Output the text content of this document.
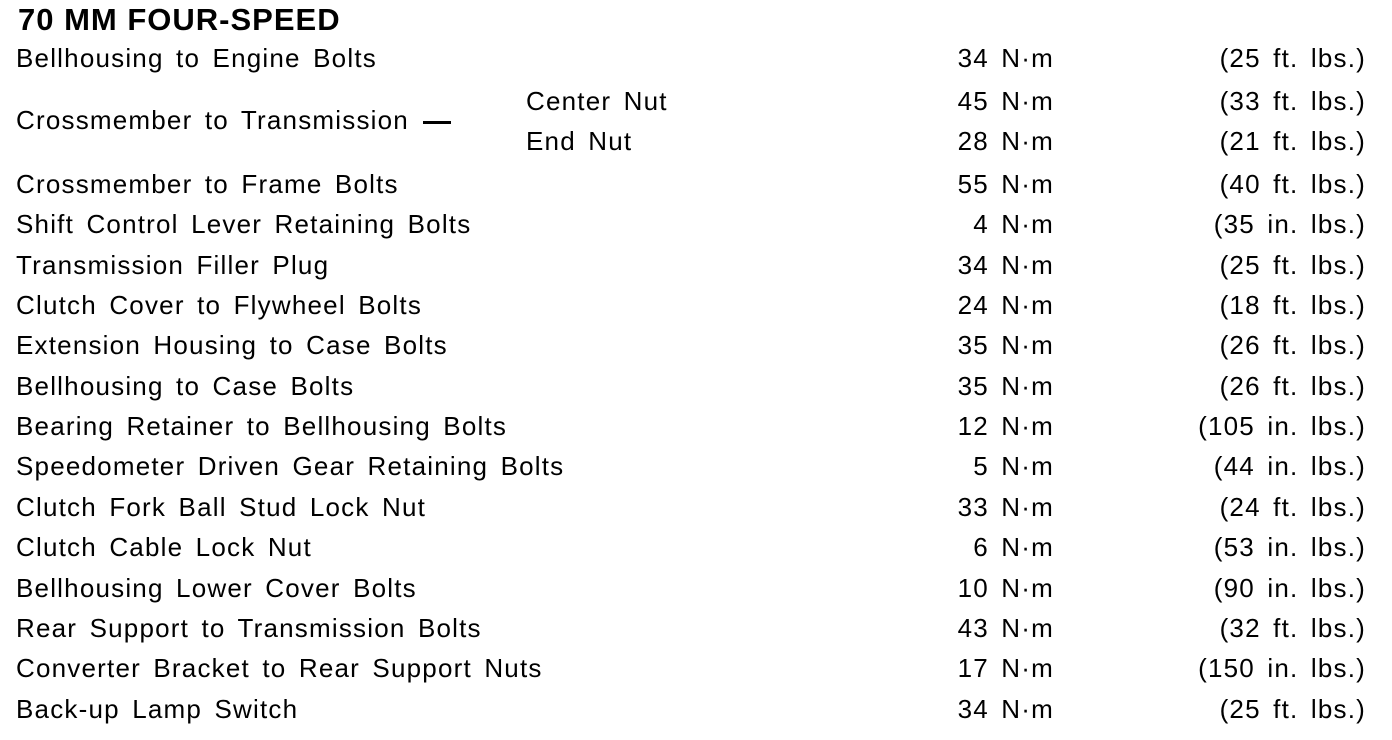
70 MM FOUR-SPEED
Bellhousing to Engine Bolts	34 N·m	(25 ft. lbs.)
Crossmember to Transmission
Center Nut	45 N·m	(33 ft. lbs.)
End Nut	28 N·m	(21 ft. lbs.)
Crossmember to Frame Bolts	55 N·m	(40 ft. lbs.)
Shift Control Lever Retaining Bolts	4 N·m	(35 in. lbs.)
Transmission Filler Plug	34 N·m	(25 ft. lbs.)
Clutch Cover to Flywheel Bolts	24 N·m	(18 ft. lbs.)
Extension Housing to Case Bolts	35 N·m	(26 ft. lbs.)
Bellhousing to Case Bolts	35 N·m	(26 ft. lbs.)
Bearing Retainer to Bellhousing Bolts	12 N·m	(105 in. lbs.)
Speedometer Driven Gear Retaining Bolts	5 N·m	(44 in. lbs.)
Clutch Fork Ball Stud Lock Nut	33 N·m	(24 ft. lbs.)
Clutch Cable Lock Nut	6 N·m	(53 in. lbs.)
Bellhousing Lower Cover Bolts	10 N·m	(90 in. lbs.)
Rear Support to Transmission Bolts	43 N·m	(32 ft. lbs.)
Converter Bracket to Rear Support Nuts	17 N·m	(150 in. lbs.)
Back-up Lamp Switch	34 N·m	(25 ft. lbs.)
